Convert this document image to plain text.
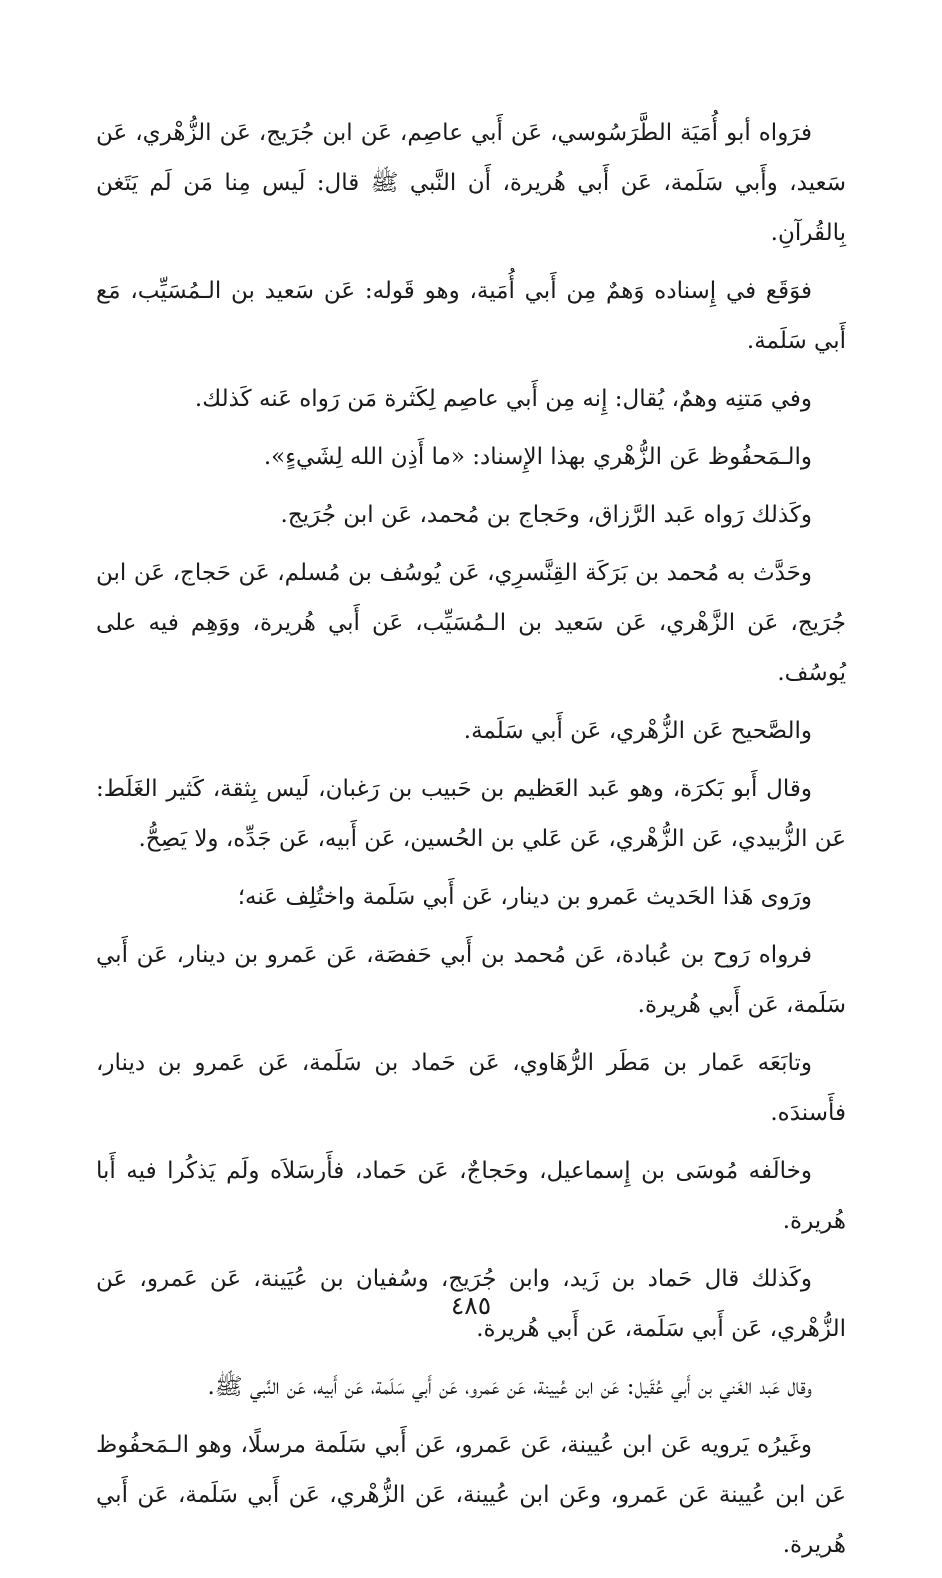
فرَواه أبو أُمَيَة الطَّرَسُوسي، عَن أَبي عاصِم، عَن ابن جُرَيج، عَن الزُّهْري، عَن سَعيد، وأَبي سَلَمة، عَن أَبي هُريرة، أَن النَّبي ﷺ قال: لَيس مِنا مَن لَم يَتَغن بِالقُرآنِ.

فوَقَع في إِسناده وَهمٌ مِن أَبي أُمَية، وهو قَوله: عَن سَعيد بن الـمُسَيِّب، مَع أَبي سَلَمة.

وفي مَتنِه وهمٌ، يُقال: إِنه مِن أَبي عاصِم لِكَثرة مَن رَواه عَنه كَذلك.

والـمَحفُوظ عَن الزُّهْري بهذا الإِسناد: «ما أَذِن الله لِشَيءٍ».

وكَذلك رَواه عَبد الرَّزاق، وحَجاج بن مُحمد، عَن ابن جُرَيج.

وحَدَّث به مُحمد بن بَرَكَة القِنَّسرِي، عَن يُوسُف بن مُسلم، عَن حَجاج، عَن ابن جُرَيج، عَن الزَّهْري، عَن سَعيد بن الـمُسَيِّب، عَن أَبي هُريرة، ووَهِم فيه على يُوسُف.

والصَّحيح عَن الزُّهْري، عَن أَبي سَلَمة.

وقال أَبو بَكرَة، وهو عَبد العَظيم بن حَبيب بن رَغبان، لَيس بِثقة، كَثير الغَلَط: عَن الزُّبيدي، عَن الزُّهْري، عَن عَلي بن الحُسين، عَن أَبيه، عَن جَدِّه، ولا يَصِحُّ.

ورَوى هَذا الحَديث عَمرو بن دينار، عَن أَبي سَلَمة واختُلِف عَنه؛

فرواه رَوح بن عُبادة، عَن مُحمد بن أَبي حَفصَة، عَن عَمرو بن دينار، عَن أَبي سَلَمة، عَن أَبي هُريرة.

وتابَعَه عَمار بن مَطَر الرُّهَاوي، عَن حَماد بن سَلَمة، عَن عَمرو بن دينار، فأَسندَه.

وخالَفه مُوسَى بن إِسماعيل، وحَجاجٌ، عَن حَماد، فأَرسَلاَه ولَم يَذكُرا فيه أَبا هُريرة.

وكَذلك قال حَماد بن زَيد، وابن جُرَيج، وسُفيان بن عُيَينة، عَن عَمرو، عَن الزُّهْري، عَن أَبي سَلَمة، عَن أَبي هُريرة.

وقال عَبد الغَني بن أَبي عُقَيل: عَن ابن عُيينة، عَن عَمرو، عَن أَبي سَلَمة، عَن أَبيه، عَن النَّبي ﷺ.

وغَيرُه يَرويه عَن ابن عُيينة، عَن عَمرو، عَن أَبي سَلَمة مرسلًا، وهو الـمَحفُوظ عَن ابن عُيينة عَن عَمرو، وعَن ابن عُيينة، عَن الزُّهْري، عَن أَبي سَلَمة، عَن أَبي هُريرة.

٤٨٥
